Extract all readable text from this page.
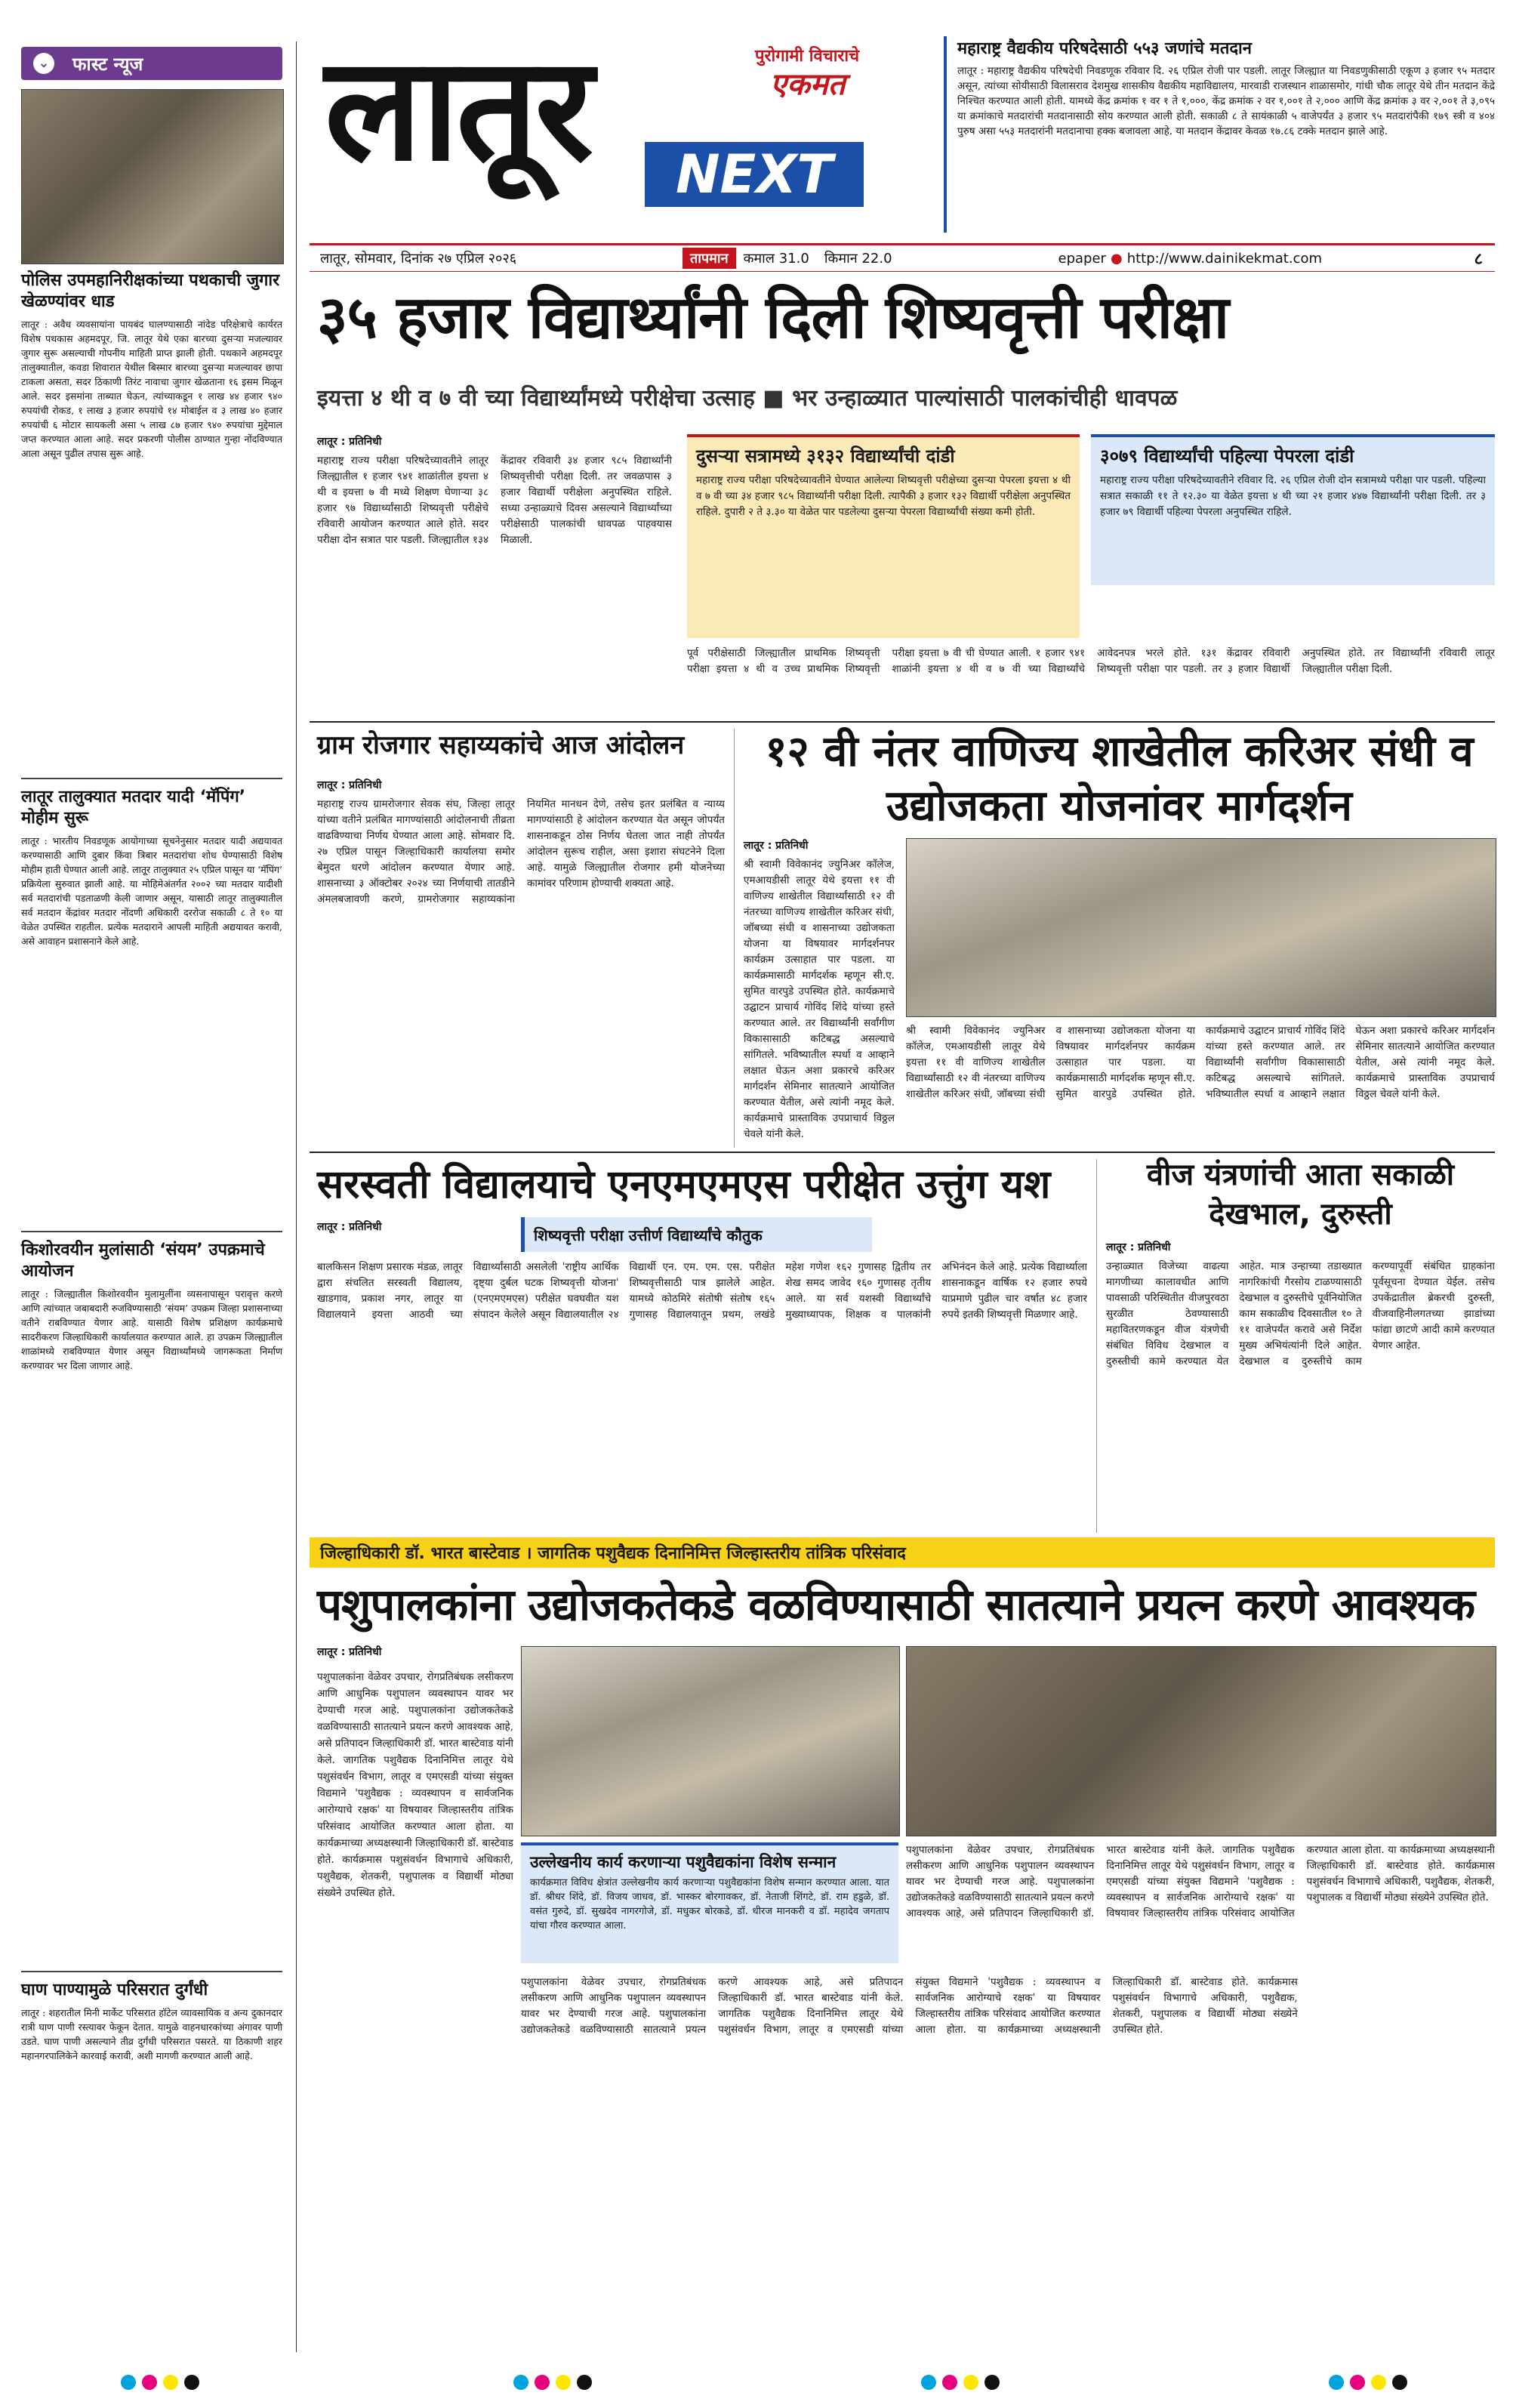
⌄ फास्ट न्यूज
पोलिस उपमहानिरीक्षकांच्या पथकाची जुगार खेळण्यांवर धाड
लातूर : अवैध व्यवसायांना पायबंद घालण्यासाठी नांदेड परिक्षेत्राचे कार्यरत विशेष पथकास अहमदपूर, जि. लातूर येथे एका बारच्या दुसऱ्या मजल्यावर जुगार सुरू असल्याची गोपनीय माहिती प्राप्त झाली होती. पथकाने अहमदपूर तालुक्यातील, कवडा शिवारात येथील बिस्मार बारच्या दुसऱ्या मजल्यावर छापा टाकला असता, सदर ठिकाणी तिरंट नावाचा जुगार खेळताना १६ इसम मिळून आले. सदर इसमांना ताब्यात घेऊन, त्यांच्याकडून १ लाख ४४ हजार ९४० रुपयांची रोकड, १ लाख ३ हजार रुपयांचे १४ मोबाईल व ३ लाख ४० हजार रुपयांची ६ मोटार सायकली असा ५ लाख ८७ हजार ९४० रुपयांचा मुद्देमाल जप्त करण्यात आला आहे. सदर प्रकरणी पोलीस ठाण्यात गुन्हा नोंदविण्यात आला असून पुढील तपास सुरू आहे.
लातूर तालुक्यात मतदार यादी ‘मॅपिंग’ मोहीम सुरू
लातूर : भारतीय निवडणूक आयोगाच्या सूचनेनुसार मतदार यादी अद्ययावत करण्यासाठी आणि दुबार किंवा त्रिबार मतदारांचा शोध घेण्यासाठी विशेष मोहीम हाती घेण्यात आली आहे. लातूर तालुक्यात २५ एप्रिल पासून या ‘मॅपिंग’ प्रक्रियेला सुरुवात झाली आहे. या मोहिमेअंतर्गत २००२ च्या मतदार यादीशी सर्व मतदारांची पडताळणी केली जाणार असून, यासाठी लातूर तालुक्यातील सर्व मतदान केंद्रांवर मतदार नोंदणी अधिकारी दररोज सकाळी ८ ते १० या वेळेत उपस्थित राहतील. प्रत्येक मतदाराने आपली माहिती अद्ययावत करावी, असे आवाहन प्रशासनाने केले आहे.
किशोरवयीन मुलांसाठी ‘संयम’ उपक्रमाचे आयोजन
लातूर : जिल्ह्यातील किशोरवयीन मुलामुलींना व्यसनापासून परावृत्त करणे आणि त्यांच्यात जबाबदारी रुजविण्यासाठी ‘संयम’ उपक्रम जिल्हा प्रशासनाच्या वतीने राबविण्यात येणार आहे. यासाठी विशेष प्रशिक्षण कार्यक्रमाचे सादरीकरण जिल्हाधिकारी कार्यालयात करण्यात आले. हा उपक्रम जिल्ह्यातील शाळांमध्ये राबविण्यात येणार असून विद्यार्थ्यांमध्ये जागरूकता निर्माण करण्यावर भर दिला जाणार आहे.
घाण पाण्यामुळे परिसरात दुर्गंधी
लातूर : शहरातील मिनी मार्केट परिसरात हॉटेल व्यावसायिक व अन्य दुकानदार रात्री घाण पाणी रस्त्यावर फेकून देतात. यामुळे वाहनधारकांच्या अंगावर पाणी उडते. घाण पाणी असल्याने तीव्र दुर्गंधी परिसरात पसरते. या ठिकाणी शहर महानगरपालिकेने कारवाई करावी, अशी मागणी करण्यात आली आहे.
लातूर	पुरोगामी विचाराचे
एकमत
NEXT
महाराष्ट्र वैद्यकीय परिषदेसाठी ५५३ जणांचे मतदान
लातूर : महाराष्ट्र वैद्यकीय परिषदेची निवडणूक रविवार दि. २६ एप्रिल रोजी पार पडली. लातूर जिल्ह्यात या निवडणुकीसाठी एकूण ३ हजार ९५ मतदार असून, त्यांच्या सोयीसाठी विलासराव देशमुख शासकीय वैद्यकीय महाविद्यालय, मारवाडी राजस्थान शाळासमोर, गांधी चौक लातूर येथे तीन मतदान केंद्रे निश्चित करण्यात आली होती. यामध्ये केंद्र क्रमांक १ वर १ ते १,०००, केंद्र क्रमांक २ वर १,००१ ते २,००० आणि केंद्र क्रमांक ३ वर २,००१ ते ३,०९५ या क्रमांकाचे मतदारांची मतदानासाठी सोय करण्यात आली होती. सकाळी ८ ते सायंकाळी ५ वाजेपर्यंत ३ हजार ९५ मतदारांपैकी १७९ स्त्री व ४०४ पुरुष असा ५५३ मतदारांनी मतदानाचा हक्क बजावला आहे. या मतदान केंद्रावर केवळ १७.८६ टक्के मतदान झाले आहे.
लातूर, सोमवार, दिनांक २७ एप्रिल २०२६	तापमान	कमाल 31.0 किमान 22.0	epaper ● http://www.dainikekmat.com	८
३५ हजार विद्यार्थ्यांनी दिली शिष्यवृत्ती परीक्षा
इयत्ता ४ थी व ७ वी च्या विद्यार्थ्यांमध्ये परीक्षेचा उत्साह ■ भर उन्हाळ्यात पाल्यांसाठी पालकांचीही धावपळ
लातूर : प्रतिनिधी
महाराष्ट्र राज्य परीक्षा परिषदेच्यावतीने लातूर जिल्ह्यातील १ हजार ९४१ शाळांतील इयत्ता ४ थी व इयत्ता ७ वी मध्ये शिक्षण घेणाऱ्या ३८ हजार ९७ विद्यार्थ्यांसाठी शिष्यवृत्ती परीक्षेचे रविवारी आयोजन करण्यात आले होते. सदर परीक्षा दोन सत्रात पार पडली. जिल्ह्यातील १३४ केंद्रावर रविवारी ३४ हजार ९८५ विद्यार्थ्यांनी शिष्यवृत्तीची परीक्षा दिली. तर जवळपास ३ हजार विद्यार्थी परीक्षेला अनुपस्थित राहिले. सध्या उन्हाळ्याचे दिवस असल्याने विद्यार्थ्यांच्या परीक्षेसाठी पालकांची धावपळ पाहवयास मिळाली.
दुसऱ्या सत्रामध्ये ३१३२ विद्यार्थ्यांची दांडी
महाराष्ट्र राज्य परीक्षा परिषदेच्यावतीने घेण्यात आलेल्या शिष्यवृत्ती परीक्षेच्या दुसऱ्या पेपरला इयत्ता ४ थी व ७ वी च्या ३४ हजार ९८५ विद्यार्थ्यांनी परीक्षा दिली. त्यापैकी ३ हजार १३२ विद्यार्थी परीक्षेला अनुपस्थित राहिले. दुपारी २ ते ३.३० या वेळेत पार पडलेल्या दुसऱ्या पेपरला विद्यार्थ्यांची संख्या कमी होती.
३०७९ विद्यार्थ्यांची पहिल्या पेपरला दांडी
महाराष्ट्र राज्य परीक्षा परिषदेच्यावतीने रविवार दि. २६ एप्रिल रोजी दोन सत्रामध्ये परीक्षा पार पडली. पहिल्या सत्रात सकाळी ११ ते १२.३० या वेळेत इयत्ता ४ थी च्या २१ हजार ४४७ विद्यार्थ्यांनी परीक्षा दिली. तर ३ हजार ७९ विद्यार्थी पहिल्या पेपरला अनुपस्थित राहिले.
पूर्व परीक्षेसाठी जिल्ह्यातील प्राथमिक शिष्यवृत्ती परीक्षा इयत्ता ४ थी व उच्च प्राथमिक शिष्यवृत्ती परीक्षा इयत्ता ७ वी ची घेण्यात आली. १ हजार ९४१ शाळांनी इयत्ता ४ थी व ७ वी च्या विद्यार्थ्यांचे आवेदनपत्र भरले होते. १३१ केंद्रावर रविवारी शिष्यवृत्ती परीक्षा पार पडली. तर ३ हजार विद्यार्थी अनुपस्थित होते. तर विद्यार्थ्यांनी रविवारी लातूर जिल्ह्यातील परीक्षा दिली.
ग्राम रोजगार सहाय्यकांचे आज आंदोलन
लातूर : प्रतिनिधी
महाराष्ट्र राज्य ग्रामरोजगार सेवक संघ, जिल्हा लातूर यांच्या वतीने प्रलंबित मागण्यांसाठी आंदोलनाची तीव्रता वाढविण्याचा निर्णय घेण्यात आला आहे. सोमवार दि. २७ एप्रिल पासून जिल्हाधिकारी कार्यालया समोर बेमुदत धरणे आंदोलन करण्यात येणार आहे. शासनाच्या ३ ऑक्टोबर २०२४ च्या निर्णयाची तातडीने अंमलबजावणी करणे, ग्रामरोजगार सहाय्यकांना नियमित मानधन देणे, तसेच इतर प्रलंबित व न्याय्य मागण्यांसाठी हे आंदोलन करण्यात येत असून जोपर्यंत शासनाकडून ठोस निर्णय घेतला जात नाही तोपर्यंत आंदोलन सुरूच राहील, असा इशारा संघटनेने दिला आहे. यामुळे जिल्ह्यातील रोजगार हमी योजनेच्या कामांवर परिणाम होण्याची शक्यता आहे.
१२ वी नंतर वाणिज्य शाखेतील करिअर संधी व उद्योजकता योजनांवर मार्गदर्शन
लातूर : प्रतिनिधी
श्री स्वामी विवेकानंद ज्युनिअर कॉलेज, एमआयडीसी लातूर येथे इयत्ता ११ वी वाणिज्य शाखेतील विद्यार्थ्यांसाठी १२ वी नंतरच्या वाणिज्य शाखेतील करिअर संधी, जॉबच्या संधी व शासनाच्या उद्योजकता योजना या विषयावर मार्गदर्शनपर कार्यक्रम उत्साहात पार पडला. या कार्यक्रमासाठी मार्गदर्शक म्हणून सी.ए. सुमित वारपुडे उपस्थित होते. कार्यक्रमाचे उद्घाटन प्राचार्य गोविंद शिंदे यांच्या हस्ते करण्यात आले. तर विद्यार्थ्यांनी सर्वांगीण विकासासाठी कटिबद्ध असल्याचे सांगितले. भविष्यातील स्पर्धा व आव्हाने लक्षात घेऊन अशा प्रकारचे करिअर मार्गदर्शन सेमिनार सातत्याने आयोजित करण्यात येतील, असे त्यांनी नमूद केले. कार्यक्रमाचे प्रास्ताविक उपप्राचार्य विठ्ठल चेवले यांनी केले.
श्री स्वामी विवेकानंद ज्युनिअर कॉलेज, एमआयडीसी लातूर येथे इयत्ता ११ वी वाणिज्य शाखेतील विद्यार्थ्यांसाठी १२ वी नंतरच्या वाणिज्य शाखेतील करिअर संधी, जॉबच्या संधी व शासनाच्या उद्योजकता योजना या विषयावर मार्गदर्शनपर कार्यक्रम उत्साहात पार पडला. या कार्यक्रमासाठी मार्गदर्शक म्हणून सी.ए. सुमित वारपुडे उपस्थित होते. कार्यक्रमाचे उद्घाटन प्राचार्य गोविंद शिंदे यांच्या हस्ते करण्यात आले. तर विद्यार्थ्यांनी सर्वांगीण विकासासाठी कटिबद्ध असल्याचे सांगितले. भविष्यातील स्पर्धा व आव्हाने लक्षात घेऊन अशा प्रकारचे करिअर मार्गदर्शन सेमिनार सातत्याने आयोजित करण्यात येतील, असे त्यांनी नमूद केले. कार्यक्रमाचे प्रास्ताविक उपप्राचार्य विठ्ठल चेवले यांनी केले.
सरस्वती विद्यालयाचे एनएमएमएस परीक्षेत उत्तुंग यश
शिष्यवृत्ती परीक्षा उत्तीर्ण विद्यार्थ्यांचे कौतुक
लातूर : प्रतिनिधी
बालकिसन शिक्षण प्रसारक मंडळ, लातूर द्वारा संचलित सरस्वती विद्यालय, खाडगाव, प्रकाश नगर, लातूर या विद्यालयाने इयत्ता आठवी च्या विद्यार्थ्यांसाठी असलेली 'राष्ट्रीय आर्थिक दृष्ट्या दुर्बल घटक शिष्यवृत्ती योजना' (एनएमएमएस) परीक्षेत घवघवीत यश संपादन केलेले असून विद्यालयातील २४ विद्यार्थी एन. एम. एम. एस. परीक्षेत शिष्यवृत्तीसाठी पात्र झालेले आहेत. यामध्ये कोठमिरे संतोषी संतोष १६५ गुणासह विद्यालयातून प्रथम, लखंडे महेश गणेश १६२ गुणासह द्वितीय तर शेख समद जावेद १६० गुणासह तृतीय आले. या सर्व यशस्वी विद्यार्थ्यांचे मुख्याध्यापक, शिक्षक व पालकांनी अभिनंदन केले आहे. प्रत्येक विद्यार्थ्याला शासनाकडून वार्षिक १२ हजार रुपये याप्रमाणे पुढील चार वर्षात ४८ हजार रुपये इतकी शिष्यवृत्ती मिळणार आहे.
वीज यंत्रणांची आता सकाळी देखभाल, दुरुस्ती
लातूर : प्रतिनिधी
उन्हाळ्यात विजेच्या वाढत्या मागणीच्या कालावधीत आणि पावसाळी परिस्थितीत वीजपुरवठा सुरळीत ठेवण्यासाठी महावितरणकडून वीज यंत्रणेची संबंधित विविध देखभाल व दुरुस्तीची कामे करण्यात येत आहेत. मात्र उन्हाच्या तडाख्यात नागरिकांची गैरसोय टाळण्यासाठी देखभाल व दुरुस्तीचे पूर्वनियोजित काम सकाळीच दिवसातील १० ते ११ वाजेपर्यंत करावे असे निर्देश मुख्य अभियंत्यांनी दिले आहेत. देखभाल व दुरुस्तीचे काम करण्यापूर्वी संबंधित ग्राहकांना पूर्वसूचना देण्यात येईल. तसेच उपकेंद्रातील ब्रेकरची दुरुस्ती, वीजवाहिनीलगतच्या झाडांच्या फांद्या छाटणे आदी कामे करण्यात येणार आहेत.
जिल्हाधिकारी डॉ. भारत बास्टेवाड । जागतिक पशुवैद्यक दिनानिमित्त जिल्हास्तरीय तांत्रिक परिसंवाद
पशुपालकांना उद्योजकतेकडे वळविण्यासाठी सातत्याने प्रयत्न करणे आवश्यक
लातूर : प्रतिनिधी
उल्लेखनीय कार्य करणाऱ्या पशुवैद्यकांना विशेष सन्मान
कार्यक्रमात विविध क्षेत्रांत उल्लेखनीय कार्य करणाऱ्या पशुवैद्यकांना विशेष सन्मान करण्यात आला. यात डॉ. श्रीधर शिंदे, डॉ. विजय जाधव, डॉ. भास्कर बोरगावकर, डॉ. नेताजी शिंगटे, डॉ. राम हडुळे, डॉ. वसंत गुरुदे, डॉ. सुखदेव नागरगोजे, डॉ. मधुकर बोरकडे, डॉ. धीरज मानकरी व डॉ. महादेव जगताप यांचा गौरव करण्यात आला.
पशुपालकांना वेळेवर उपचार, रोगप्रतिबंधक लसीकरण आणि आधुनिक पशुपालन व्यवस्थापन यावर भर देण्याची गरज आहे. पशुपालकांना उद्योजकतेकडे वळविण्यासाठी सातत्याने प्रयत्न करणे आवश्यक आहे, असे प्रतिपादन जिल्हाधिकारी डॉ. भारत बास्टेवाड यांनी केले. जागतिक पशुवैद्यक दिनानिमित्त लातूर येथे पशुसंवर्धन विभाग, लातूर व एमएसडी यांच्या संयुक्त विद्यमाने 'पशुवैद्यक : व्यवस्थापन व सार्वजनिक आरोग्याचे रक्षक' या विषयावर जिल्हास्तरीय तांत्रिक परिसंवाद आयोजित करण्यात आला होता. या कार्यक्रमाच्या अध्यक्षस्थानी जिल्हाधिकारी डॉ. बास्टेवाड होते. कार्यक्रमास पशुसंवर्धन विभागाचे अधिकारी, पशुवैद्यक, शेतकरी, पशुपालक व विद्यार्थी मोठ्या संख्येने उपस्थित होते.
पशुपालकांना वेळेवर उपचार, रोगप्रतिबंधक लसीकरण आणि आधुनिक पशुपालन व्यवस्थापन यावर भर देण्याची गरज आहे. पशुपालकांना उद्योजकतेकडे वळविण्यासाठी सातत्याने प्रयत्न करणे आवश्यक आहे, असे प्रतिपादन जिल्हाधिकारी डॉ. भारत बास्टेवाड यांनी केले. जागतिक पशुवैद्यक दिनानिमित्त लातूर येथे पशुसंवर्धन विभाग, लातूर व एमएसडी यांच्या संयुक्त विद्यमाने 'पशुवैद्यक : व्यवस्थापन व सार्वजनिक आरोग्याचे रक्षक' या विषयावर जिल्हास्तरीय तांत्रिक परिसंवाद आयोजित करण्यात आला होता. या कार्यक्रमाच्या अध्यक्षस्थानी जिल्हाधिकारी डॉ. बास्टेवाड होते. कार्यक्रमास पशुसंवर्धन विभागाचे अधिकारी, पशुवैद्यक, शेतकरी, पशुपालक व विद्यार्थी मोठ्या संख्येने उपस्थित होते.
पशुपालकांना वेळेवर उपचार, रोगप्रतिबंधक लसीकरण आणि आधुनिक पशुपालन व्यवस्थापन यावर भर देण्याची गरज आहे. पशुपालकांना उद्योजकतेकडे वळविण्यासाठी सातत्याने प्रयत्न करणे आवश्यक आहे, असे प्रतिपादन जिल्हाधिकारी डॉ. भारत बास्टेवाड यांनी केले. जागतिक पशुवैद्यक दिनानिमित्त लातूर येथे पशुसंवर्धन विभाग, लातूर व एमएसडी यांच्या संयुक्त विद्यमाने 'पशुवैद्यक : व्यवस्थापन व सार्वजनिक आरोग्याचे रक्षक' या विषयावर जिल्हास्तरीय तांत्रिक परिसंवाद आयोजित करण्यात आला होता. या कार्यक्रमाच्या अध्यक्षस्थानी जिल्हाधिकारी डॉ. बास्टेवाड होते. कार्यक्रमास पशुसंवर्धन विभागाचे अधिकारी, पशुवैद्यक, शेतकरी, पशुपालक व विद्यार्थी मोठ्या संख्येने उपस्थित होते.
